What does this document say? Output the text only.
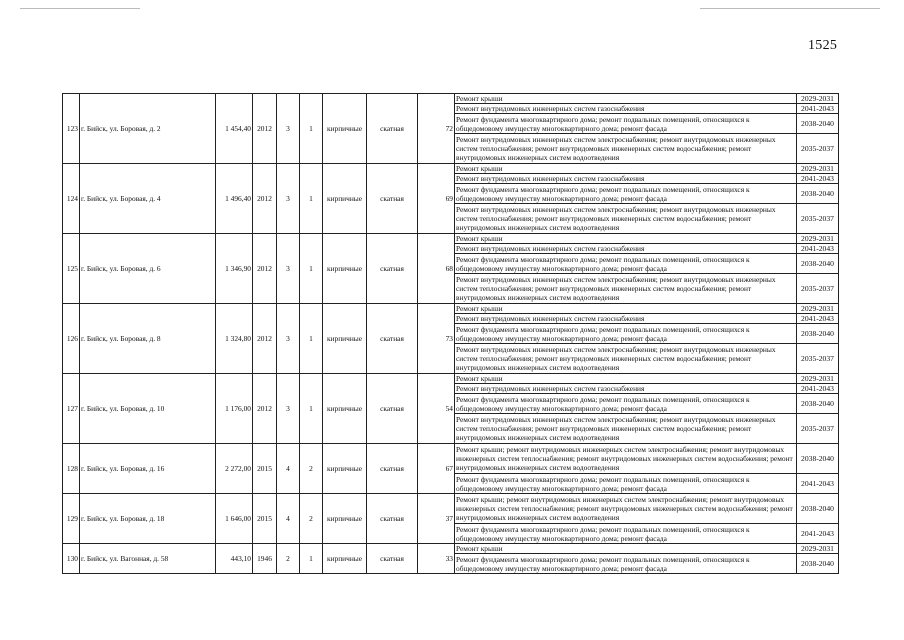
1525
123	г. Бийск, ул. Боровая, д. 2	1 454,40	2012	3	1	кирпичные	скатная	72	Ремонт крыши	2029-2031
									Ремонт внутридомовых инженерных систем газоснабжения	2041-2043
									Ремонт фундамента многоквартирного дома; ремонт подвальных помещений, относящихся к общедомовому имуществу многоквартирного дома; ремонт фасада	2038-2040
									Ремонт внутридомовых инженерных систем электроснабжения; ремонт внутридомовых инженерных систем теплоснабжения; ремонт внутридомовых инженерных систем водоснабжения; ремонт внутридомовых инженерных систем водоотведения	2035-2037
124	г. Бийск, ул. Боровая, д. 4	1 496,40	2012	3	1	кирпичные	скатная	69	Ремонт крыши	2029-2031
									Ремонт внутридомовых инженерных систем газоснабжения	2041-2043
									Ремонт фундамента многоквартирного дома; ремонт подвальных помещений, относящихся к общедомовому имуществу многоквартирного дома; ремонт фасада	2038-2040
									Ремонт внутридомовых инженерных систем электроснабжения; ремонт внутридомовых инженерных систем теплоснабжения; ремонт внутридомовых инженерных систем водоснабжения; ремонт внутридомовых инженерных систем водоотведения	2035-2037
125	г. Бийск, ул. Боровая, д. 6	1 346,90	2012	3	1	кирпичные	скатная	68	Ремонт крыши	2029-2031
									Ремонт внутридомовых инженерных систем газоснабжения	2041-2043
									Ремонт фундамента многоквартирного дома; ремонт подвальных помещений, относящихся к общедомовому имуществу многоквартирного дома; ремонт фасада	2038-2040
									Ремонт внутридомовых инженерных систем электроснабжения; ремонт внутридомовых инженерных систем теплоснабжения; ремонт внутридомовых инженерных систем водоснабжения; ремонт внутридомовых инженерных систем водоотведения	2035-2037
126	г. Бийск, ул. Боровая, д. 8	1 324,80	2012	3	1	кирпичные	скатная	73	Ремонт крыши	2029-2031
									Ремонт внутридомовых инженерных систем газоснабжения	2041-2043
									Ремонт фундамента многоквартирного дома; ремонт подвальных помещений, относящихся к общедомовому имуществу многоквартирного дома; ремонт фасада	2038-2040
									Ремонт внутридомовых инженерных систем электроснабжения; ремонт внутридомовых инженерных систем теплоснабжения; ремонт внутридомовых инженерных систем водоснабжения; ремонт внутридомовых инженерных систем водоотведения	2035-2037
127	г. Бийск, ул. Боровая, д. 10	1 176,00	2012	3	1	кирпичные	скатная	54	Ремонт крыши	2029-2031
									Ремонт внутридомовых инженерных систем газоснабжения	2041-2043
									Ремонт фундамента многоквартирного дома; ремонт подвальных помещений, относящихся к общедомовому имуществу многоквартирного дома; ремонт фасада	2038-2040
									Ремонт внутридомовых инженерных систем электроснабжения; ремонт внутридомовых инженерных систем теплоснабжения; ремонт внутридомовых инженерных систем водоснабжения; ремонт внутридомовых инженерных систем водоотведения	2035-2037
128	г. Бийск, ул. Боровая, д. 16	2 272,00	2015	4	2	кирпичные	скатная	67	Ремонт крыши; ремонт внутридомовых инженерных систем электроснабжения; ремонт внутридомовых инженерных систем теплоснабжения; ремонт внутридомовых инженерных систем водоснабжения; ремонт внутридомовых инженерных систем водоотведения	2038-2040
									Ремонт фундамента многоквартирного дома; ремонт подвальных помещений, относящихся к общедомовому имуществу многоквартирного дома; ремонт фасада	2041-2043
129	г. Бийск, ул. Боровая, д. 18	1 646,00	2015	4	2	кирпичные	скатная	37	Ремонт крыши; ремонт внутридомовых инженерных систем электроснабжения; ремонт внутридомовых инженерных систем теплоснабжения; ремонт внутридомовых инженерных систем водоснабжения; ремонт внутридомовых инженерных систем водоотведения	2038-2040
									Ремонт фундамента многоквартирного дома; ремонт подвальных помещений, относящихся к общедомовому имуществу многоквартирного дома; ремонт фасада	2041-2043
130	г. Бийск, ул. Вагонная, д. 58	443,10	1946	2	1	кирпичные	скатная	33	Ремонт крыши	2029-2031
									Ремонт фундамента многоквартирного дома; ремонт подвальных помещений, относящихся к общедомовому имуществу многоквартирного дома; ремонт фасада	2038-2040
